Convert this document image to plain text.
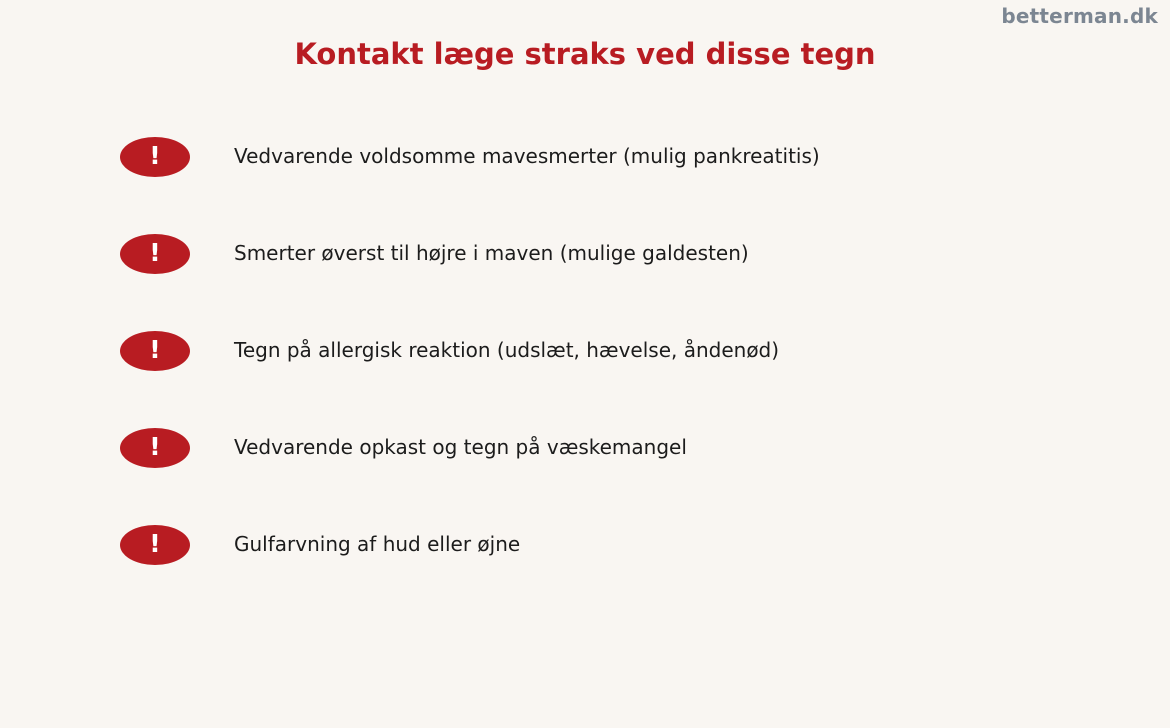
betterman.dk
Kontakt læge straks ved disse tegn
!	Vedvarende voldsomme mavesmerter (mulig pankreatitis)
!	Smerter øverst til højre i maven (mulige galdesten)
!	Tegn på allergisk reaktion (udslæt, hævelse, åndenød)
!	Vedvarende opkast og tegn på væskemangel
!	Gulfarvning af hud eller øjne
